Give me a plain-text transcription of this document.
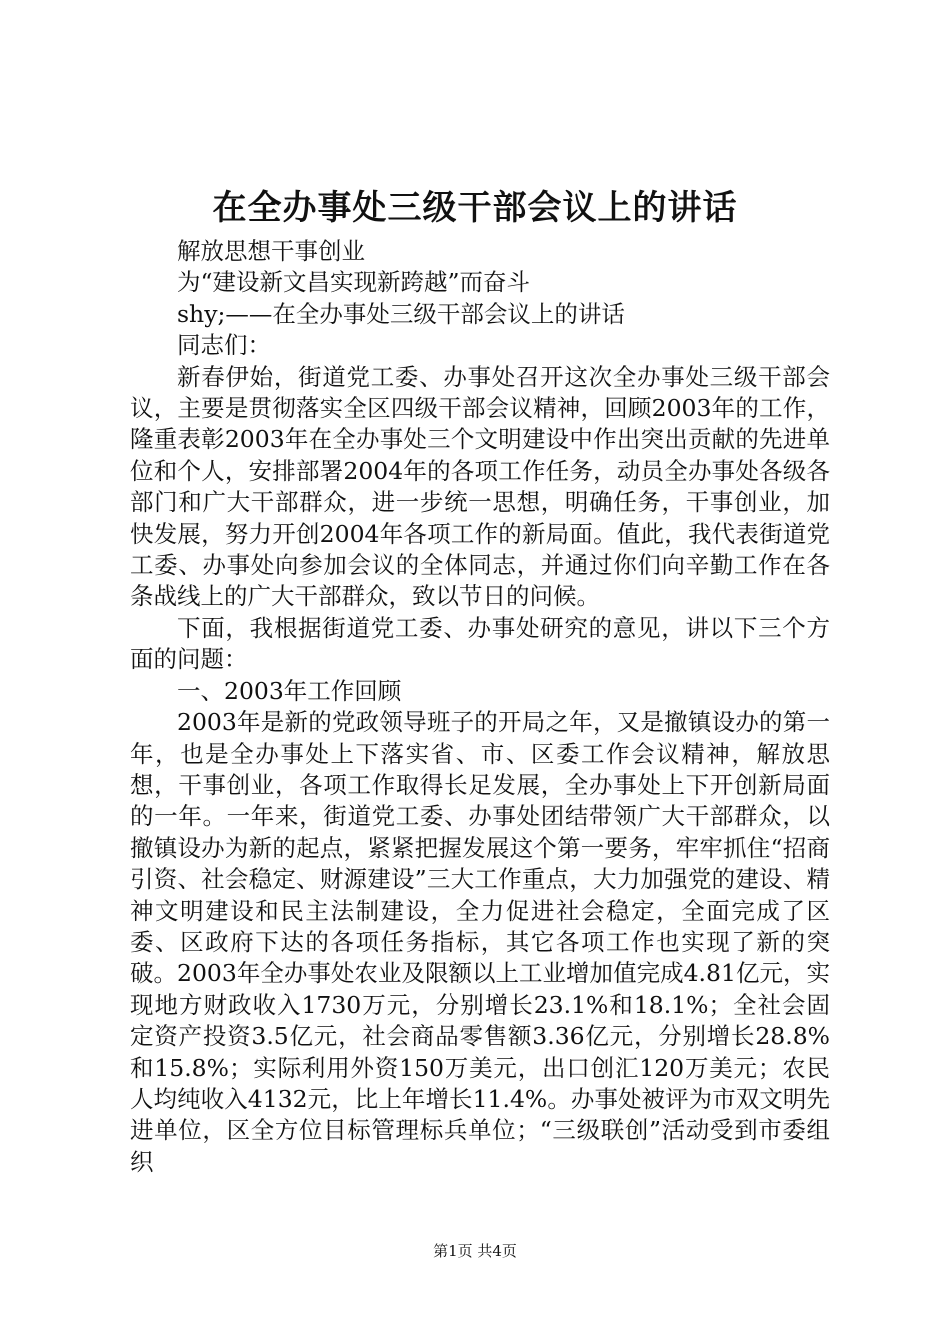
在全办事处三级干部会议上的讲话

解放思想干事创业

为“建设新文昌实现新跨越”而奋斗

shy;——在全办事处三级干部会议上的讲话

同志们：

新春伊始，街道党工委、办事处召开这次全办事处三级干部会议，主要是贯彻落实全区四级干部会议精神，回顾2003年的工作，隆重表彰2003年在全办事处三个文明建设中作出突出贡献的先进单位和个人，安排部署2004年的各项工作任务，动员全办事处各级各部门和广大干部群众，进一步统一思想，明确任务，干事创业，加快发展，努力开创2004年各项工作的新局面。值此，我代表街道党工委、办事处向参加会议的全体同志，并通过你们向辛勤工作在各条战线上的广大干部群众，致以节日的问候。

下面，我根据街道党工委、办事处研究的意见，讲以下三个方面的问题：

一、2003年工作回顾

2003年是新的党政领导班子的开局之年，又是撤镇设办的第一年，也是全办事处上下落实省、市、区委工作会议精神，解放思想，干事创业，各项工作取得长足发展，全办事处上下开创新局面的一年。一年来，街道党工委、办事处团结带领广大干部群众，以撤镇设办为新的起点，紧紧把握发展这个第一要务，牢牢抓住“招商引资、社会稳定、财源建设”三大工作重点，大力加强党的建设、精神文明建设和民主法制建设，全力促进社会稳定，全面完成了区委、区政府下达的各项任务指标，其它各项工作也实现了新的突破。2003年全办事处农业及限额以上工业增加值完成4.81亿元，实现地方财政收入1730万元，分别增长23.1%和18.1%；全社会固定资产投资3.5亿元，社会商品零售额3.36亿元，分别增长28.8%和15.8%；实际利用外资150万美元，出口创汇120万美元；农民人均纯收入4132元，比上年增长11.4%。办事处被评为市双文明先进单位，区全方位目标管理标兵单位；“三级联创”活动受到市委组织

第1页 共4页
